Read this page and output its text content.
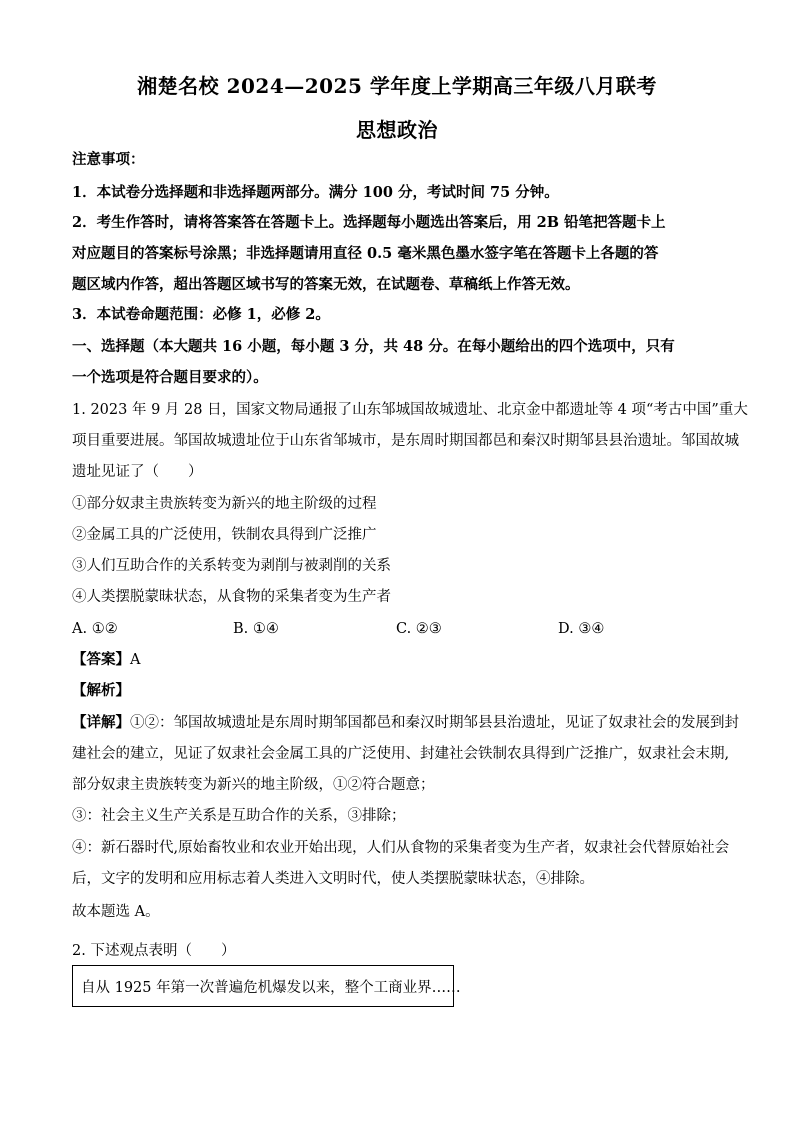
湘楚名校 2024—2025 学年度上学期高三年级八月联考
思想政治
注意事项：
1．本试卷分选择题和非选择题两部分。满分 100 分，考试时间 75 分钟。
2．考生作答时，请将答案答在答题卡上。选择题每小题选出答案后，用 2B 铅笔把答题卡上
对应题目的答案标号涂黑；非选择题请用直径 0.5 毫米黑色墨水签字笔在答题卡上各题的答
题区域内作答，超出答题区域书写的答案无效，在试题卷、草稿纸上作答无效。
3．本试卷命题范围：必修 1，必修 2。
一、选择题（本大题共 16 小题，每小题 3 分，共 48 分。在每小题给出的四个选项中，只有
一个选项是符合题目要求的）。
1. 2023 年 9 月 28 日，国家文物局通报了山东邹城国故城遗址、北京金中都遗址等 4 项“考古中国”重大
项目重要进展。邹国故城遗址位于山东省邹城市，是东周时期国都邑和秦汉时期邹县县治遗址。邹国故城
遗址见证了（　　）
①部分奴隶主贵族转变为新兴的地主阶级的过程
②金属工具的广泛使用，铁制农具得到广泛推广
③人们互助合作的关系转变为剥削与被剥削的关系
④人类摆脱蒙昧状态，从食物的采集者变为生产者
A. ①②	B. ①④	C. ②③	D. ③④
【答案】A
【解析】
【详解】①②：邹国故城遗址是东周时期邹国都邑和秦汉时期邹县县治遗址，见证了奴隶社会的发展到封
建社会的建立，见证了奴隶社会金属工具的广泛使用、封建社会铁制农具得到广泛推广，奴隶社会末期,
部分奴隶主贵族转变为新兴的地主阶级，①②符合题意；
③：社会主义生产关系是互助合作的关系，③排除；
④：新石器时代,原始畜牧业和农业开始出现，人们从食物的采集者变为生产者，奴隶社会代替原始社会
后，文字的发明和应用标志着人类进入文明时代，使人类摆脱蒙昧状态，④排除。
故本题选 A。
2. 下述观点表明（　　）
自从 1925 年第一次普遍危机爆发以来，整个工商业界……
